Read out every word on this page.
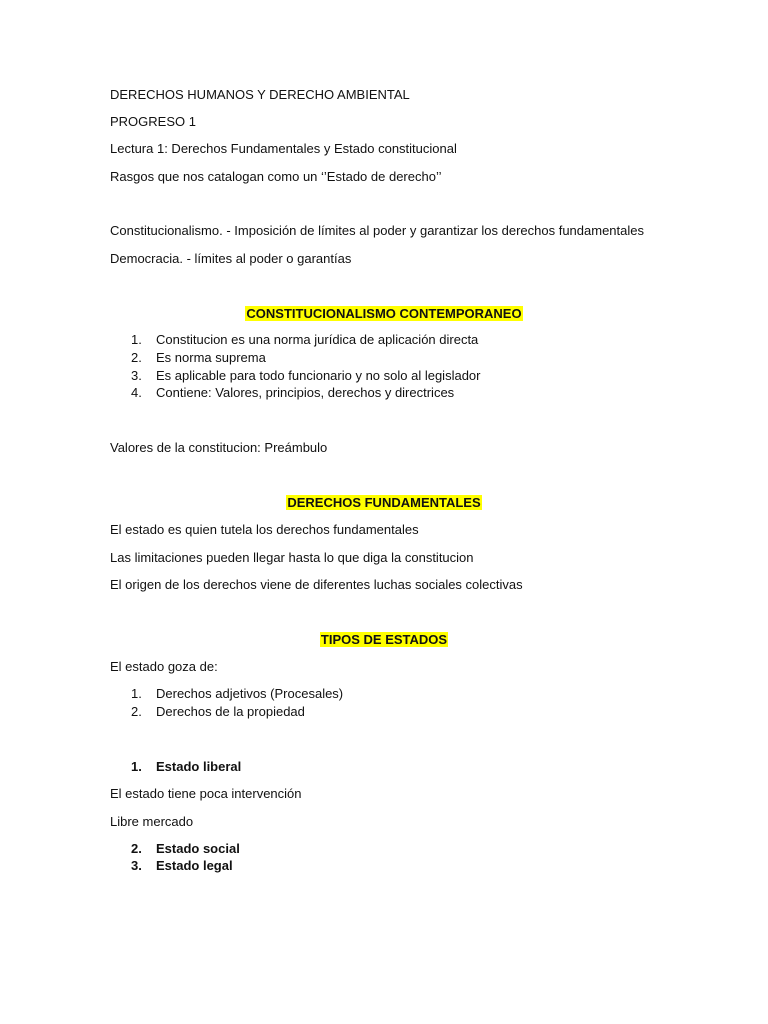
DERECHOS HUMANOS Y DERECHO AMBIENTAL
PROGRESO 1
Lectura 1: Derechos Fundamentales y Estado constitucional
Rasgos que nos catalogan como un ‘’Estado de derecho’’
Constitucionalismo. - Imposición de límites al poder y garantizar los derechos fundamentales
Democracia. - límites al poder o garantías
CONSTITUCIONALISMO CONTEMPORANEO
1. Constitucion es una norma jurídica de aplicación directa
2. Es norma suprema
3. Es aplicable para todo funcionario y no solo al legislador
4. Contiene: Valores, principios, derechos y directrices
Valores de la constitucion: Preámbulo
DERECHOS FUNDAMENTALES
El estado es quien tutela los derechos fundamentales
Las limitaciones pueden llegar hasta lo que diga la constitucion
El origen de los derechos viene de diferentes luchas sociales colectivas
TIPOS DE ESTADOS
El estado goza de:
1. Derechos adjetivos (Procesales)
2. Derechos de la propiedad
1. Estado liberal
El estado tiene poca intervención
Libre mercado
2. Estado social
3. Estado legal
